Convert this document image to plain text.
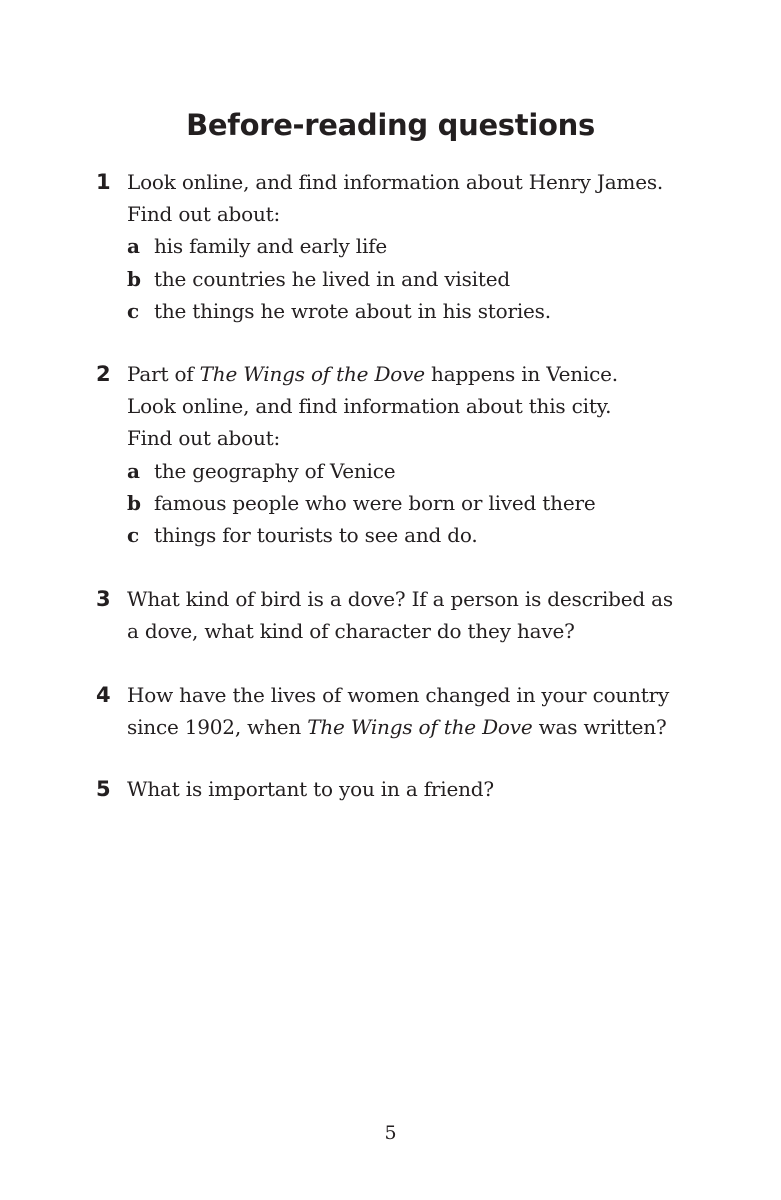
Before-reading questions
1 Look online, and find information about Henry James.
Find out about:
a his family and early life
b the countries he lived in and visited
c the things he wrote about in his stories.
2 Part of The Wings of the Dove happens in Venice.
Look online, and find information about this city.
Find out about:
a the geography of Venice
b famous people who were born or lived there
c things for tourists to see and do.
3 What kind of bird is a dove? If a person is described as
a dove, what kind of character do they have?
4 How have the lives of women changed in your country
since 1902, when The Wings of the Dove was written?
5 What is important to you in a friend?
5
